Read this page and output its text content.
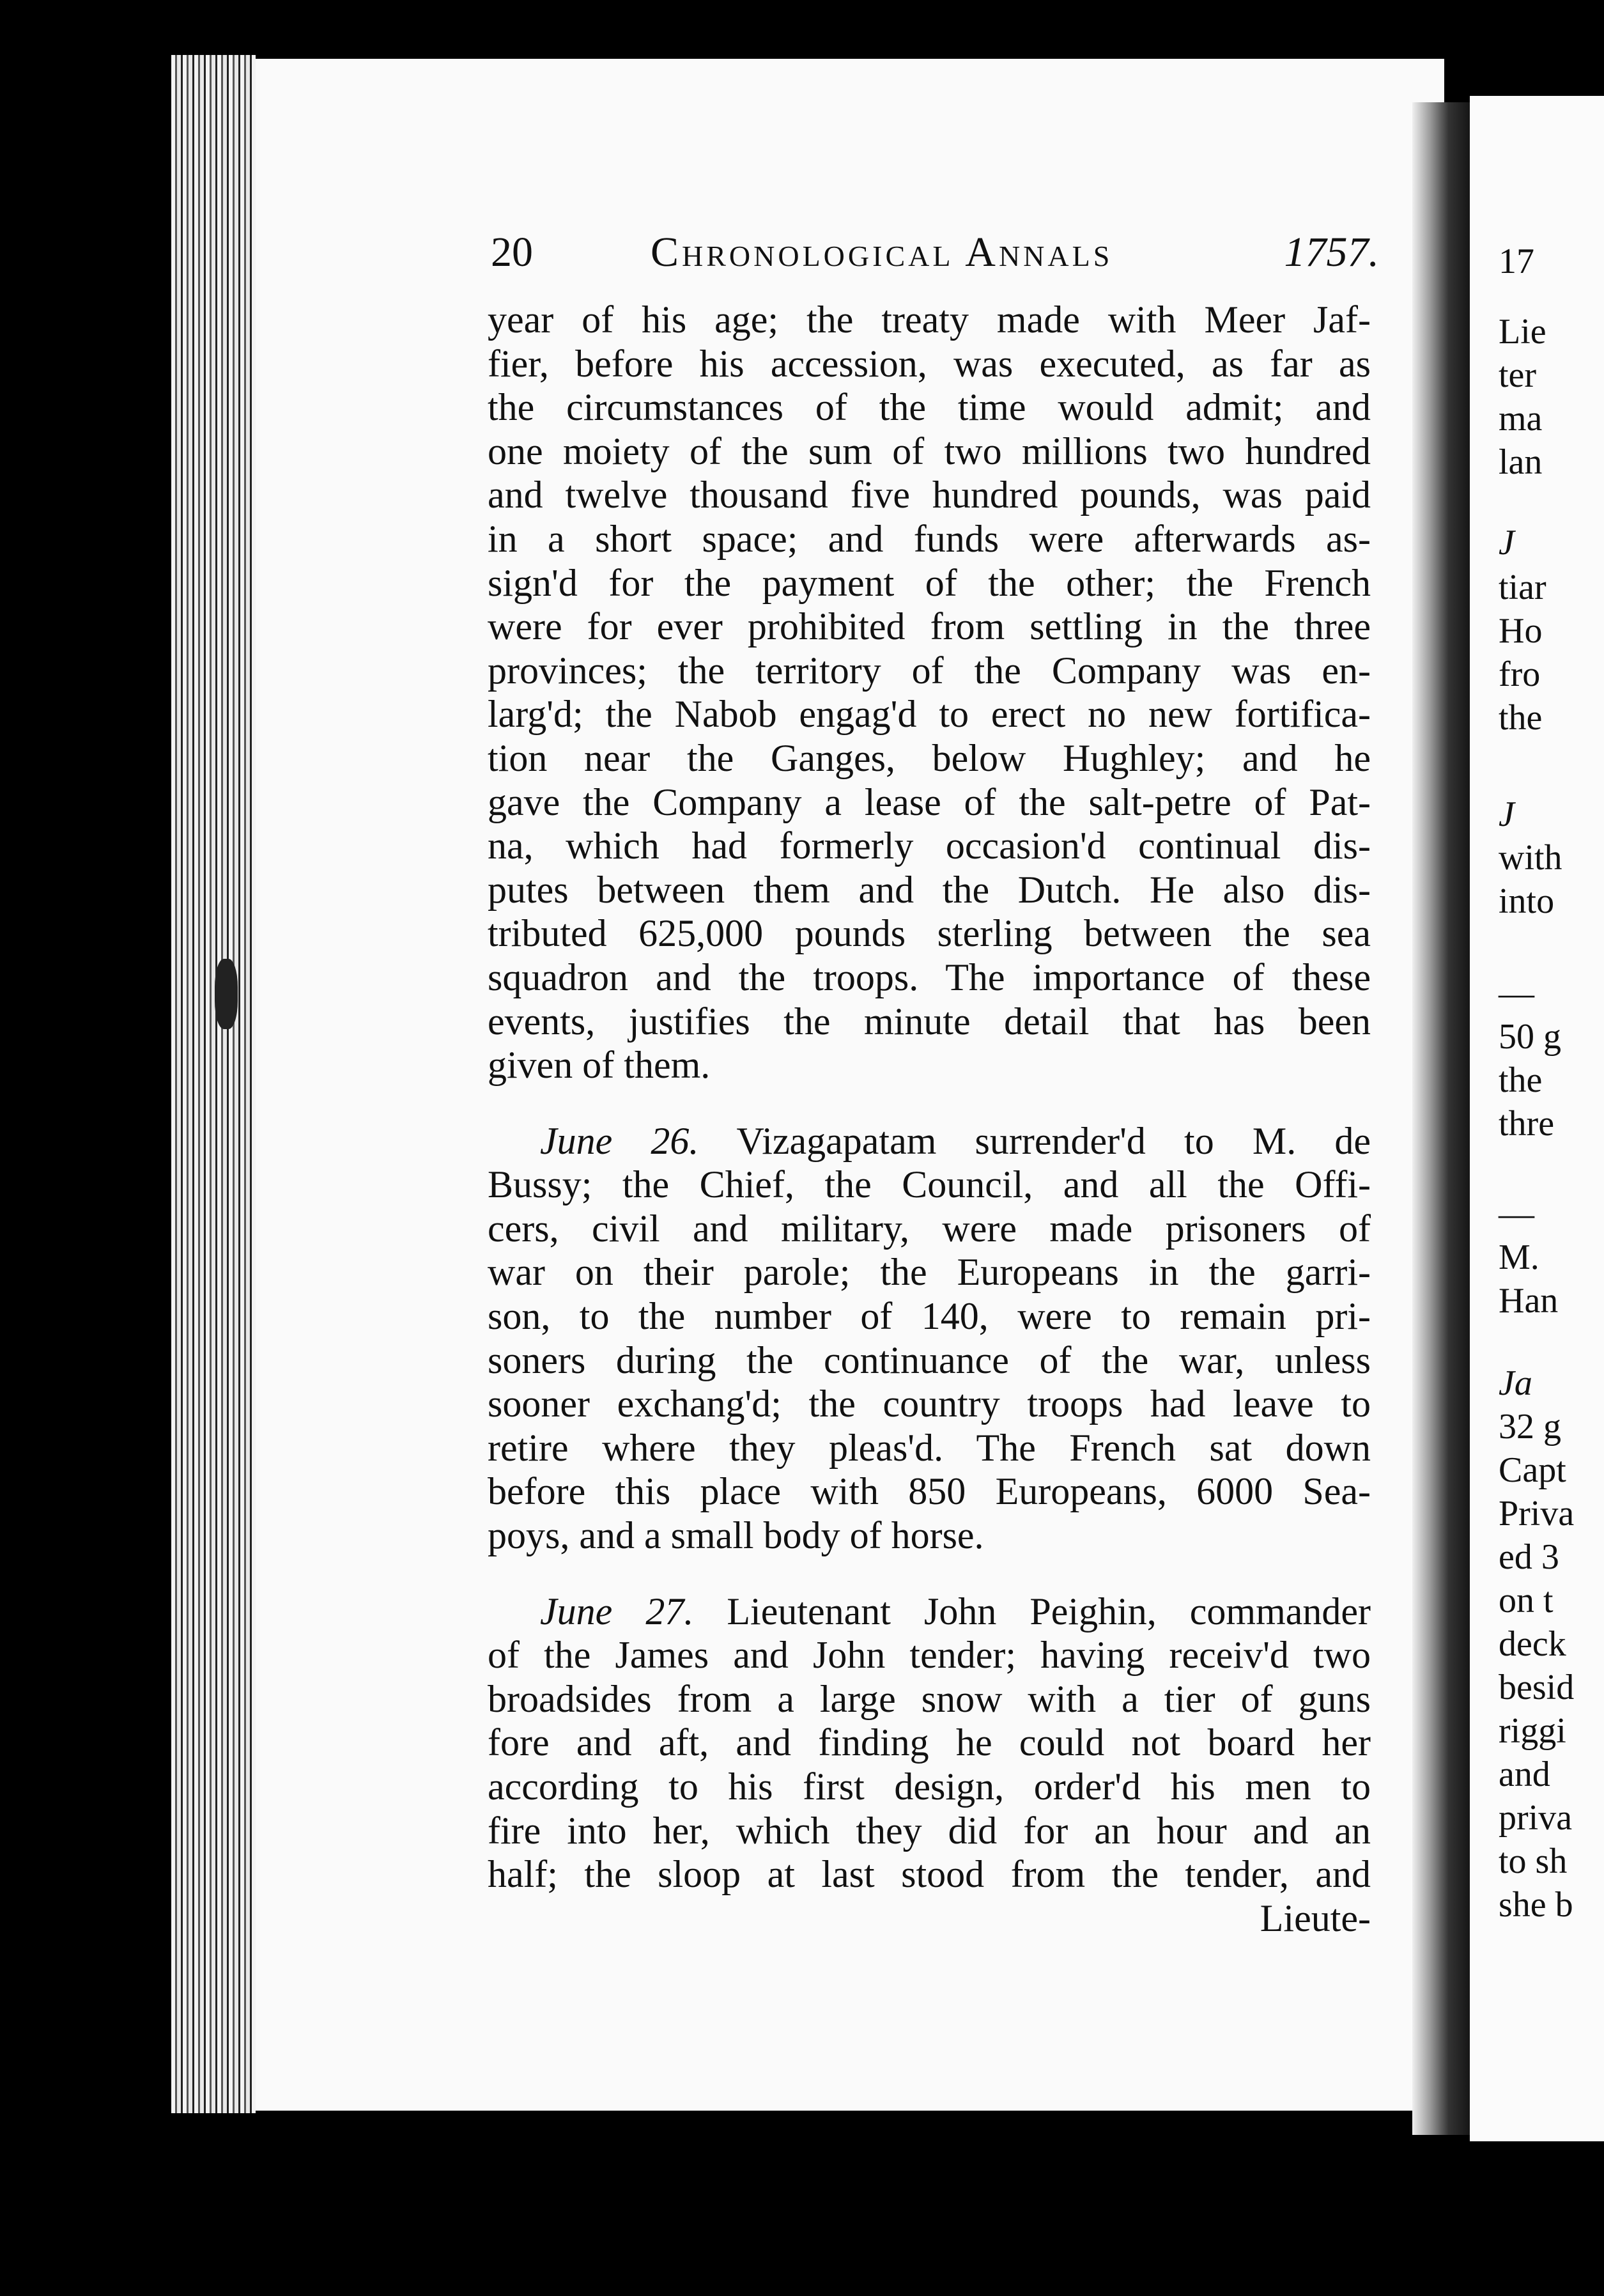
20	Chronological Annals	1757.
year of his age; the treaty made with Meer Jaf-
fier, before his accession, was executed, as far as
the circumstances of the time would admit; and
one moiety of the sum of two millions two hundred
and twelve thousand five hundred pounds, was paid
in a short space; and funds were afterwards as-
sign'd for the payment of the other; the French
were for ever prohibited from settling in the three
provinces; the territory of the Company was en-
larg'd; the Nabob engag'd to erect no new fortifica-
tion near the Ganges, below Hughley; and he
gave the Company a lease of the salt-petre of Pat-
na, which had formerly occasion'd continual dis-
putes between them and the Dutch. He also dis-
tributed 625,000 pounds sterling between the sea
squadron and the troops. The importance of these
events, justifies the minute detail that has been
given of them.
June 26. Vizagapatam surrender'd to M. de
Bussy; the Chief, the Council, and all the Offi-
cers, civil and military, were made prisoners of
war on their parole; the Europeans in the garri-
son, to the number of 140, were to remain pri-
soners during the continuance of the war, unless
sooner exchang'd; the country troops had leave to
retire where they pleas'd. The French sat down
before this place with 850 Europeans, 6000 Sea-
poys, and a small body of horse.
June 27. Lieutenant John Peighin, commander
of the James and John tender; having receiv'd two
broadsides from a large snow with a tier of guns
fore and aft, and finding he could not board her
according to his first design, order'd his men to
fire into her, which they did for an hour and an
half; the sloop at last stood from the tender, and
Lieute-
17
Lie
ter
ma
lan
J
tiar
Ho
fro
the
J
with
into
—
50 g
the
thre
—
M.
Han
Ja
32 g
Capt
Priva
ed 3
on t
deck
besid
riggi
and
priva
to sh
she b
